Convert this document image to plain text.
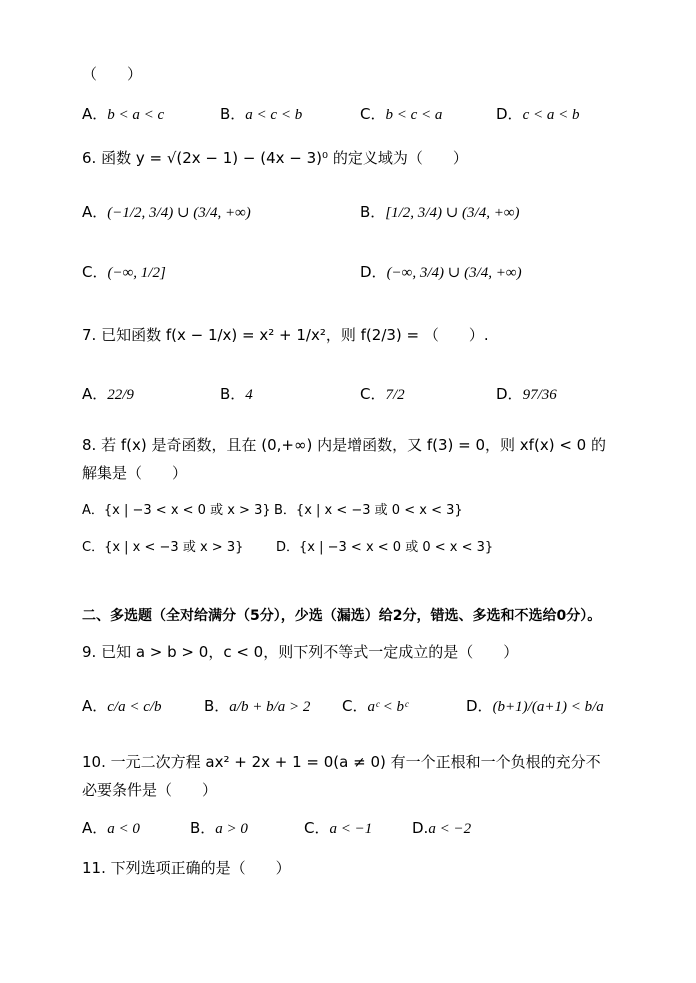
（　　）
A．b < a < c	B．a < c < b	C．b < c < a	D．c < a < b
6. 函数 y = √(2x − 1) − (4x − 3)⁰ 的定义域为（　　）
A．(−1/2, 3/4) ∪ (3/4, +∞)	B．[1/2, 3/4) ∪ (3/4, +∞)
C．(−∞, 1/2]	D．(−∞, 3/4) ∪ (3/4, +∞)
7. 已知函数 f(x − 1/x) = x² + 1/x²，则 f(2/3) = （　　）.
A．22/9	B．4	C．7/2	D．97/36
8. 若 f(x) 是奇函数，且在 (0,+∞) 内是增函数，又 f(3) = 0，则 xf(x) < 0 的
解集是（　　）
A．{x | −3 < x < 0 或 x > 3} B．{x | x < −3 或 0 < x < 3}
C．{x | x < −3 或 x > 3}	D．{x | −3 < x < 0 或 0 < x < 3}
二、多选题（全对给满分（5分），少选（漏选）给2分，错选、多选和不选给0分）。
9. 已知 a > b > 0，c < 0，则下列不等式一定成立的是（　　）
A．c/a < c/b	B．a/b + b/a > 2 C．aᶜ < bᶜ	D．(b+1)/(a+1) < b/a
10. 一元二次方程 ax² + 2x + 1 = 0(a ≠ 0) 有一个正根和一个负根的充分不
必要条件是（　　）
A．a < 0	B．a > 0	C．a < −1	D.a < −2
11. 下列选项正确的是（　　）
